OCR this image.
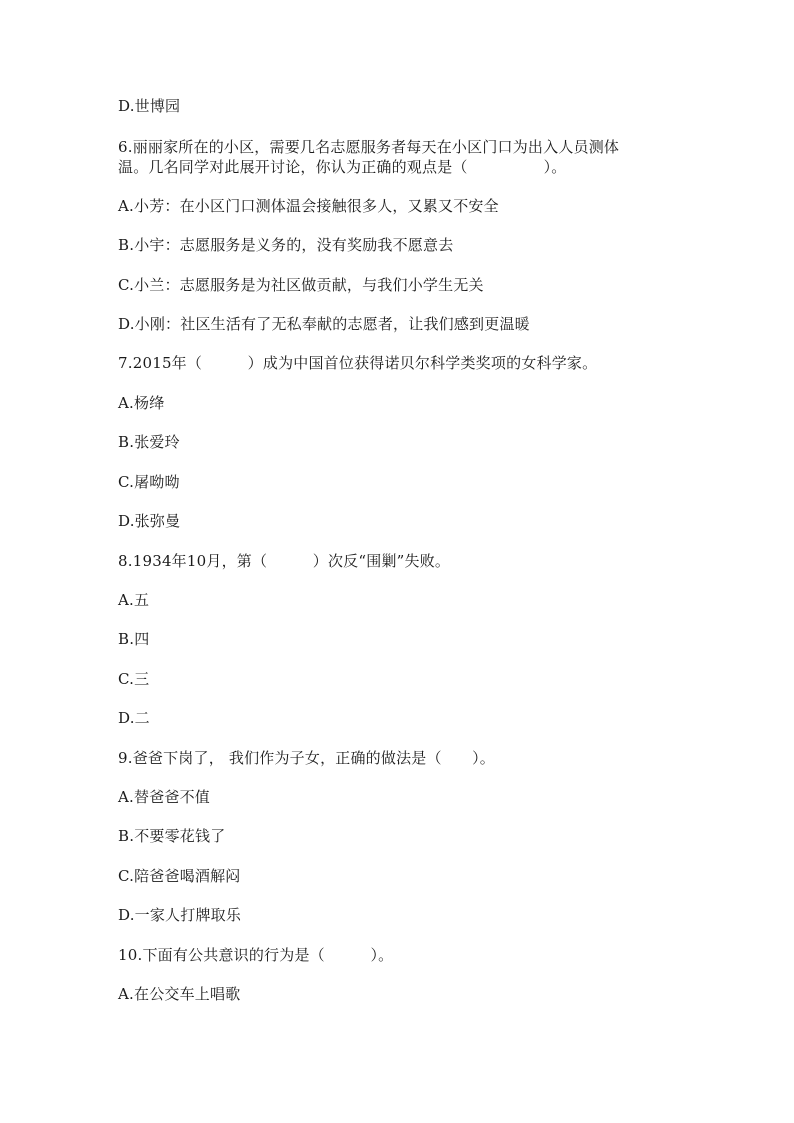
D.世博园
6.丽丽家所在的小区，需要几名志愿服务者每天在小区门口为出入人员测体
温。几名同学对此展开讨论，你认为正确的观点是（　　　　　）。
A.小芳：在小区门口测体温会接触很多人，又累又不安全
B.小宇：志愿服务是义务的，没有奖励我不愿意去
C.小兰：志愿服务是为社区做贡献，与我们小学生无关
D.小刚：社区生活有了无私奉献的志愿者，让我们感到更温暖
7.2015年（　　　）成为中国首位获得诺贝尔科学类奖项的女科学家。
A.杨绛
B.张爱玲
C.屠呦呦
D.张弥曼
8.1934年10月，第（　　　）次反“围剿”失败。
A.五
B.四
C.三
D.二
9.爸爸下岗了， 我们作为子女，正确的做法是（　　）。
A.替爸爸不值
B.不要零花钱了
C.陪爸爸喝酒解闷
D.一家人打牌取乐
10.下面有公共意识的行为是（　　　）。
A.在公交车上唱歌
